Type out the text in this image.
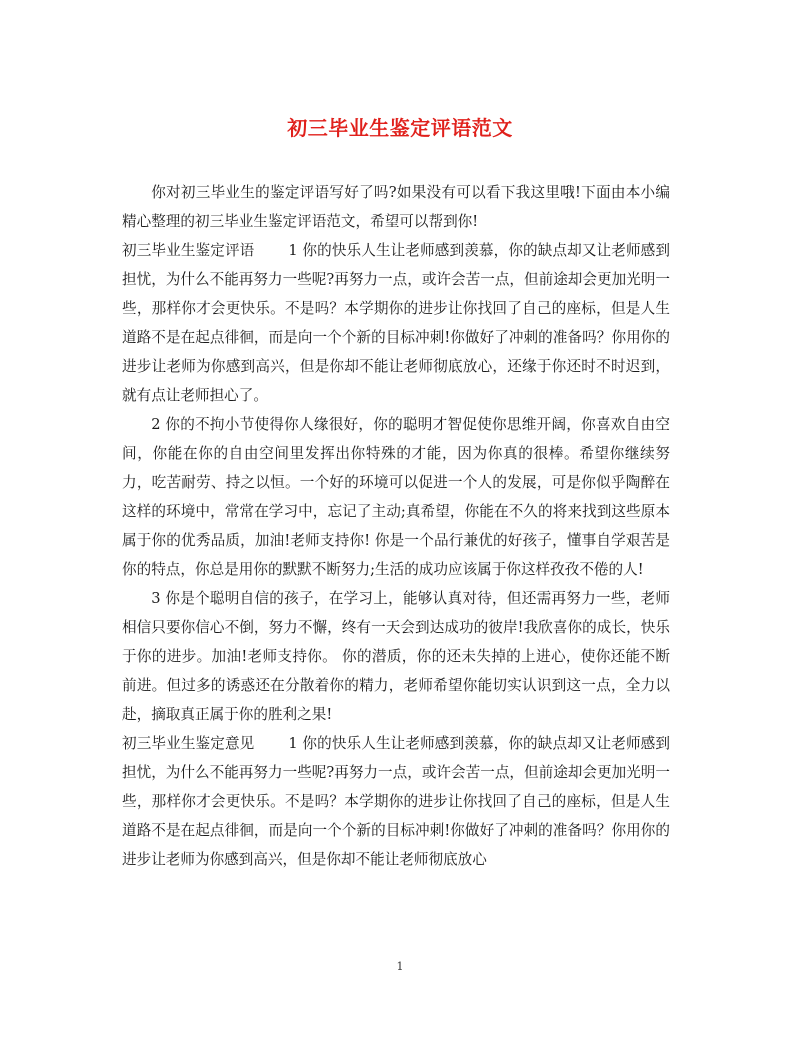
初三毕业生鉴定评语范文

你对初三毕业生的鉴定评语写好了吗?如果没有可以看下我这里哦!下面由本小编精心整理的初三毕业生鉴定评语范文，希望可以帮到你!

初三毕业生鉴定评语 1 你的快乐人生让老师感到羡慕，你的缺点却又让老师感到担忧，为什么不能再努力一些呢?再努力一点，或许会苦一点，但前途却会更加光明一些，那样你才会更快乐。不是吗？本学期你的进步让你找回了自己的座标，但是人生道路不是在起点徘徊，而是向一个个新的目标冲刺!你做好了冲刺的准备吗？你用你的进步让老师为你感到高兴，但是你却不能让老师彻底放心，还缘于你还时不时迟到，就有点让老师担心了。

2 你的不拘小节使得你人缘很好，你的聪明才智促使你思维开阔，你喜欢自由空间，你能在你的自由空间里发挥出你特殊的才能，因为你真的很棒。希望你继续努力，吃苦耐劳、持之以恒。一个好的环境可以促进一个人的发展，可是你似乎陶醉在这样的环境中，常常在学习中，忘记了主动;真希望，你能在不久的将来找到这些原本属于你的优秀品质，加油!老师支持你! 你是一个品行兼优的好孩子，懂事自学艰苦是你的特点，你总是用你的默默不断努力;生活的成功应该属于你这样孜孜不倦的人!

3 你是个聪明自信的孩子，在学习上，能够认真对待，但还需再努力一些，老师相信只要你信心不倒，努力不懈，终有一天会到达成功的彼岸!我欣喜你的成长，快乐于你的进步。加油!老师支持你。 你的潜质，你的还未失掉的上进心，使你还能不断前进。但过多的诱惑还在分散着你的精力，老师希望你能切实认识到这一点，全力以赴，摘取真正属于你的胜利之果!

初三毕业生鉴定意见 1 你的快乐人生让老师感到羡慕，你的缺点却又让老师感到担忧，为什么不能再努力一些呢?再努力一点，或许会苦一点，但前途却会更加光明一些，那样你才会更快乐。不是吗？本学期你的进步让你找回了自己的座标，但是人生道路不是在起点徘徊，而是向一个个新的目标冲刺!你做好了冲刺的准备吗？你用你的进步让老师为你感到高兴，但是你却不能让老师彻底放心

1
